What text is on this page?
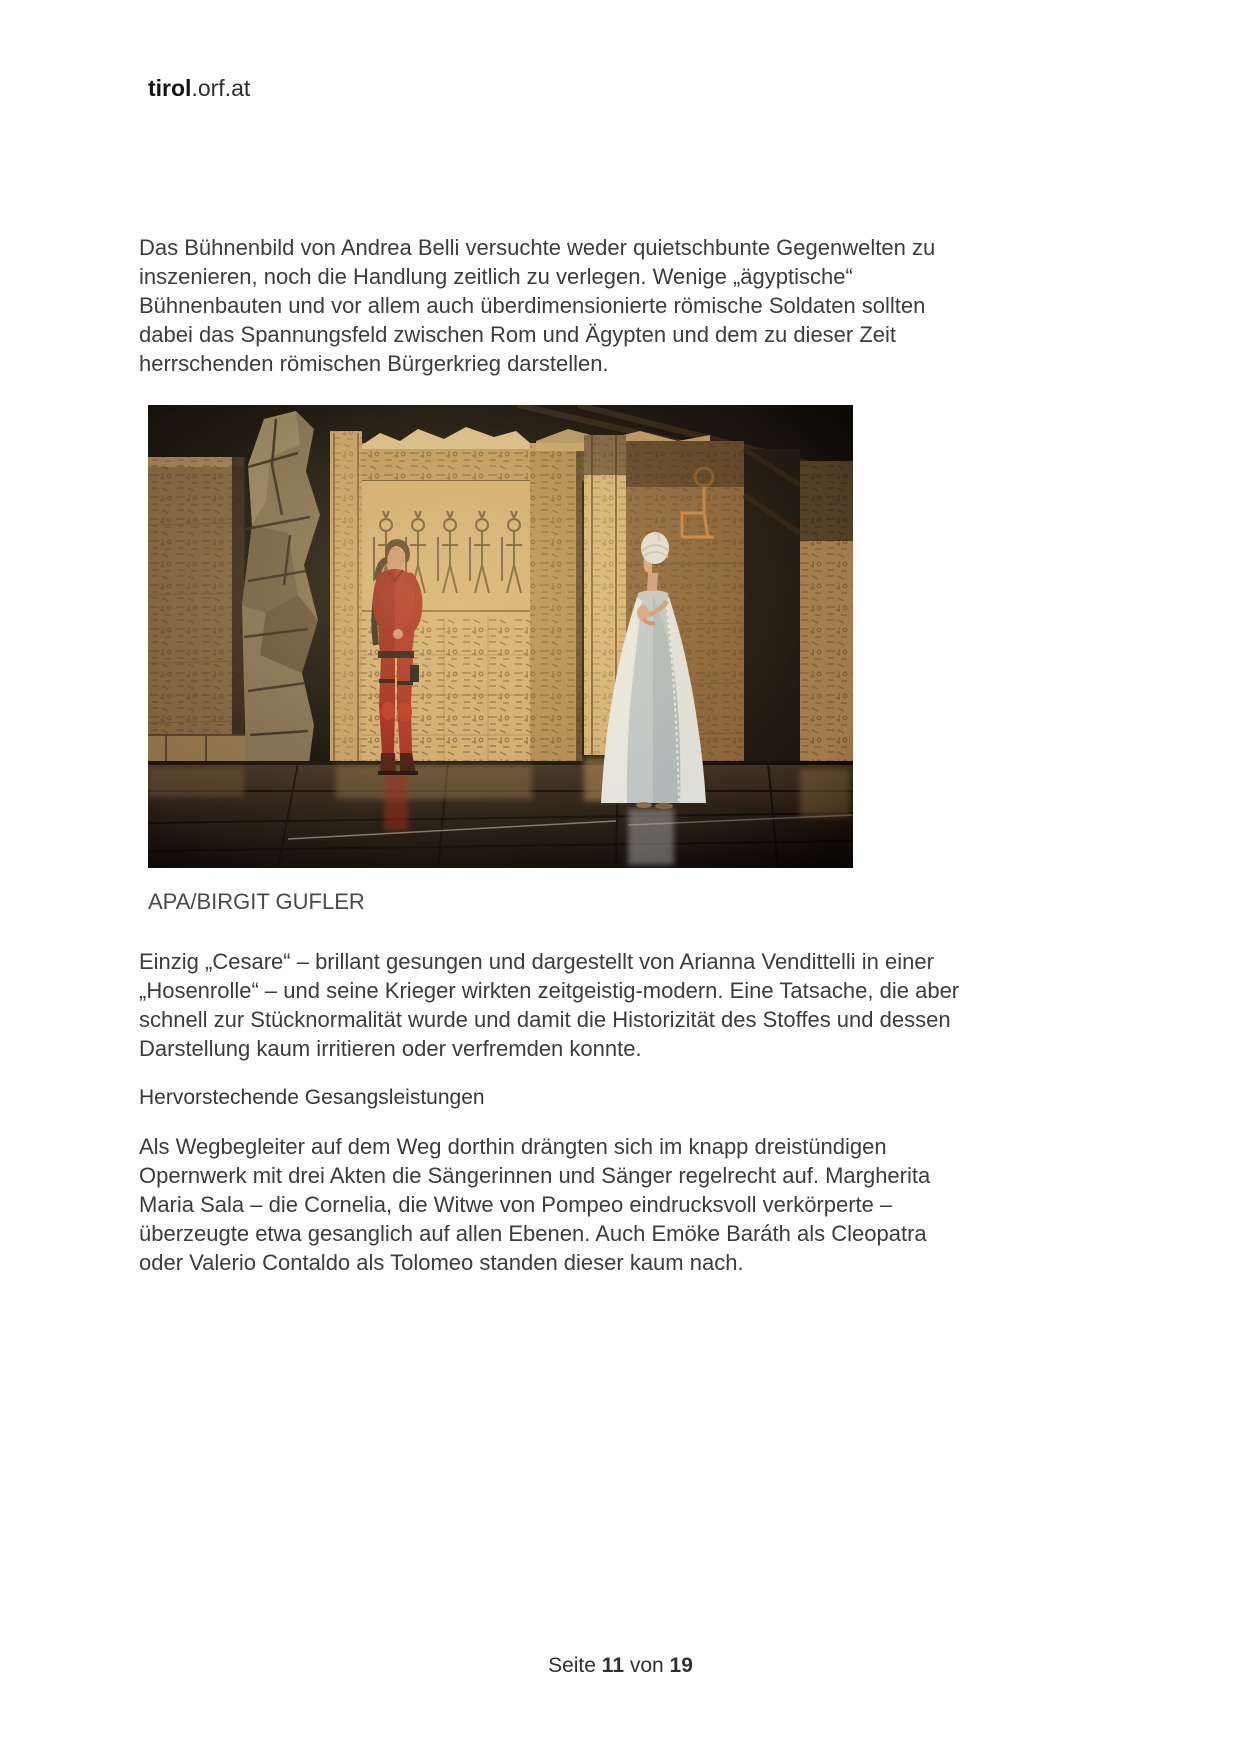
tirol.orf.at
Das Bühnenbild von Andrea Belli versuchte weder quietschbunte Gegenwelten zu
inszenieren, noch die Handlung zeitlich zu verlegen. Wenige „ägyptische“
Bühnenbauten und vor allem auch überdimensionierte römische Soldaten sollten
dabei das Spannungsfeld zwischen Rom und Ägypten und dem zu dieser Zeit
herrschenden römischen Bürgerkrieg darstellen.
APA/BIRGIT GUFLER
Einzig „Cesare“ – brillant gesungen und dargestellt von Arianna Vendittelli in einer
„Hosenrolle“ – und seine Krieger wirkten zeitgeistig-modern. Eine Tatsache, die aber
schnell zur Stücknormalität wurde und damit die Historizität des Stoffes und dessen
Darstellung kaum irritieren oder verfremden konnte.
Hervorstechende Gesangsleistungen
Als Wegbegleiter auf dem Weg dorthin drängten sich im knapp dreistündigen
Opernwerk mit drei Akten die Sängerinnen und Sänger regelrecht auf. Margherita
Maria Sala – die Cornelia, die Witwe von Pompeo eindrucksvoll verkörperte –
überzeugte etwa gesanglich auf allen Ebenen. Auch Emöke Baráth als Cleopatra
oder Valerio Contaldo als Tolomeo standen dieser kaum nach.
Seite 11 von 19
